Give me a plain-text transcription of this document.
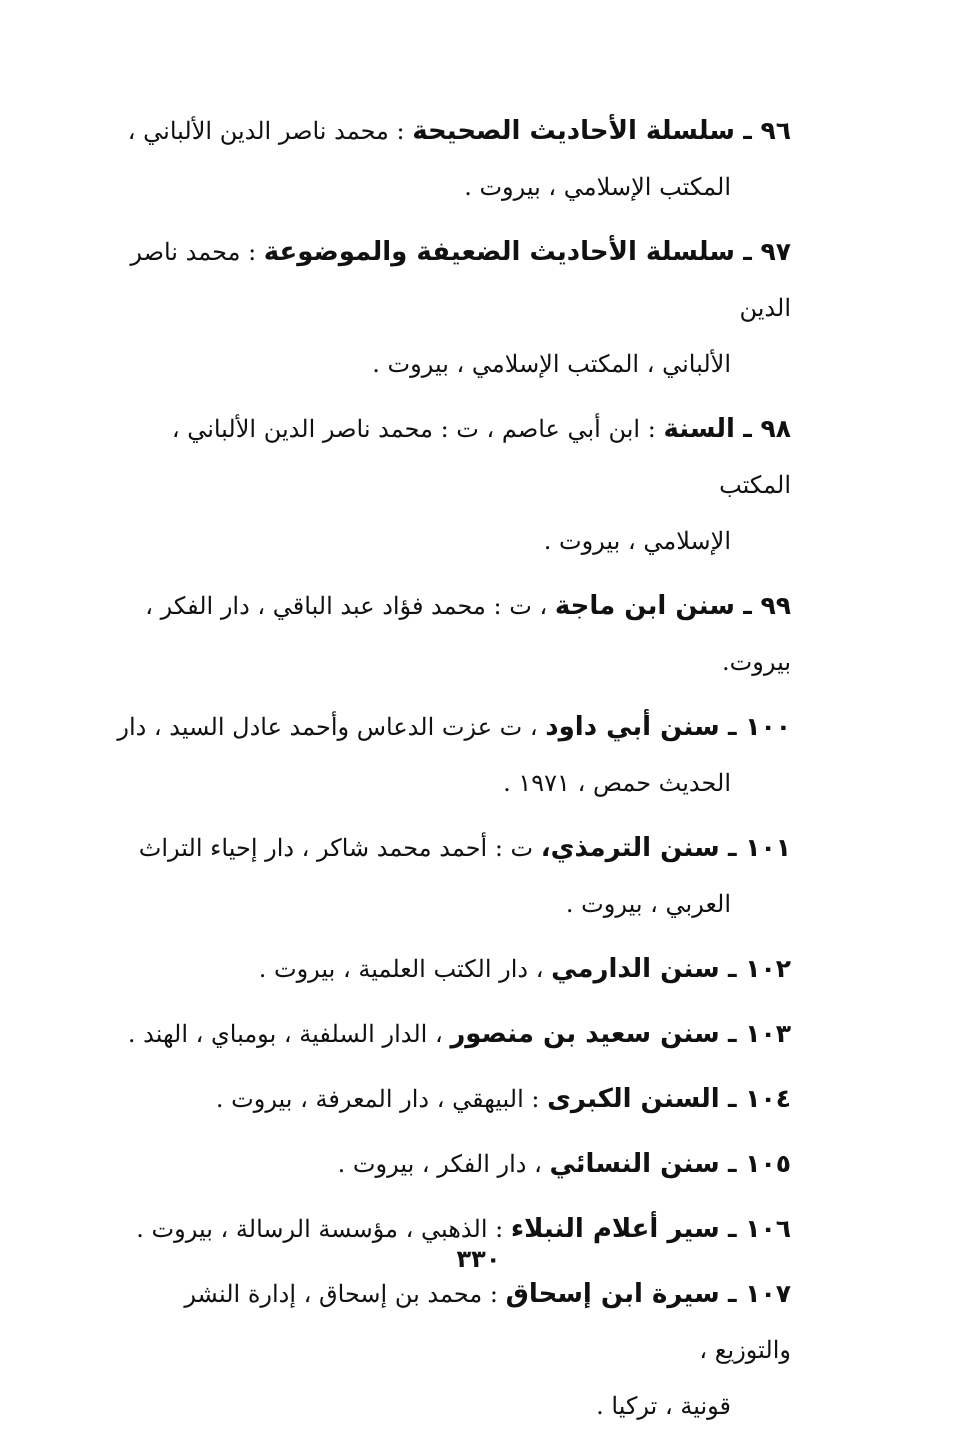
٩٦ ـ سلسلة الأحاديث الصحيحة : محمد ناصر الدين الألباني ،
المكتب الإسلامي ، بيروت .

٩٧ ـ سلسلة الأحاديث الضعيفة والموضوعة : محمد ناصر الدين
الألباني ، المكتب الإسلامي ، بيروت .

٩٨ ـ السنة : ابن أبي عاصم ، ت : محمد ناصر الدين الألباني ، المكتب
الإسلامي ، بيروت .

٩٩ ـ سنن ابن ماجة ، ت : محمد فؤاد عبد الباقي ، دار الفكر ، بيروت.

١٠٠ ـ سنن أبي داود ، ت عزت الدعاس وأحمد عادل السيد ، دار
الحديث حمص ، ١٩٧١ .

١٠١ ـ سنن الترمذي، ت : أحمد محمد شاكر ، دار إحياء التراث
العربي ، بيروت .

١٠٢ ـ سنن الدارمي ، دار الكتب العلمية ، بيروت .

١٠٣ ـ سنن سعيد بن منصور ، الدار السلفية ، بومباي ، الهند .

١٠٤ ـ السنن الكبرى : البيهقي ، دار المعرفة ، بيروت .

١٠٥ ـ سنن النسائي ، دار الفكر ، بيروت .

١٠٦ ـ سير أعلام النبلاء : الذهبي ، مؤسسة الرسالة ، بيروت .

١٠٧ ـ سيرة ابن إسحاق : محمد بن إسحاق ، إدارة النشر والتوزيع ،
قونية ، تركيا .

٣٣٠
